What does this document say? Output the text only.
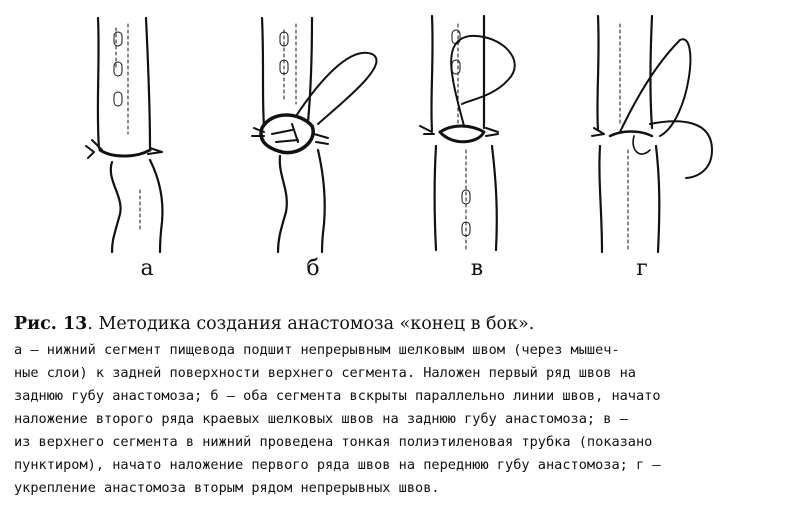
а	б	в	г
Рис. 13. Методика создания анастомоза «конец в бок».
а — нижний сегмент пищевода подшит непрерывным шелковым швом (через мышеч-
ные слои) к задней поверхности верхнего сегмента. Наложен первый ряд швов на
заднюю губу анастомоза; б — оба сегмента вскрыты параллельно линии швов, начато
наложение второго ряда краевых шелковых швов на заднюю губу анастомоза; в —
из верхнего сегмента в нижний проведена тонкая полиэтиленовая трубка (показано
пунктиром), начато наложение первого ряда швов на переднюю губу анастомоза; г —
укрепление анастомоза вторым рядом непрерывных швов.
